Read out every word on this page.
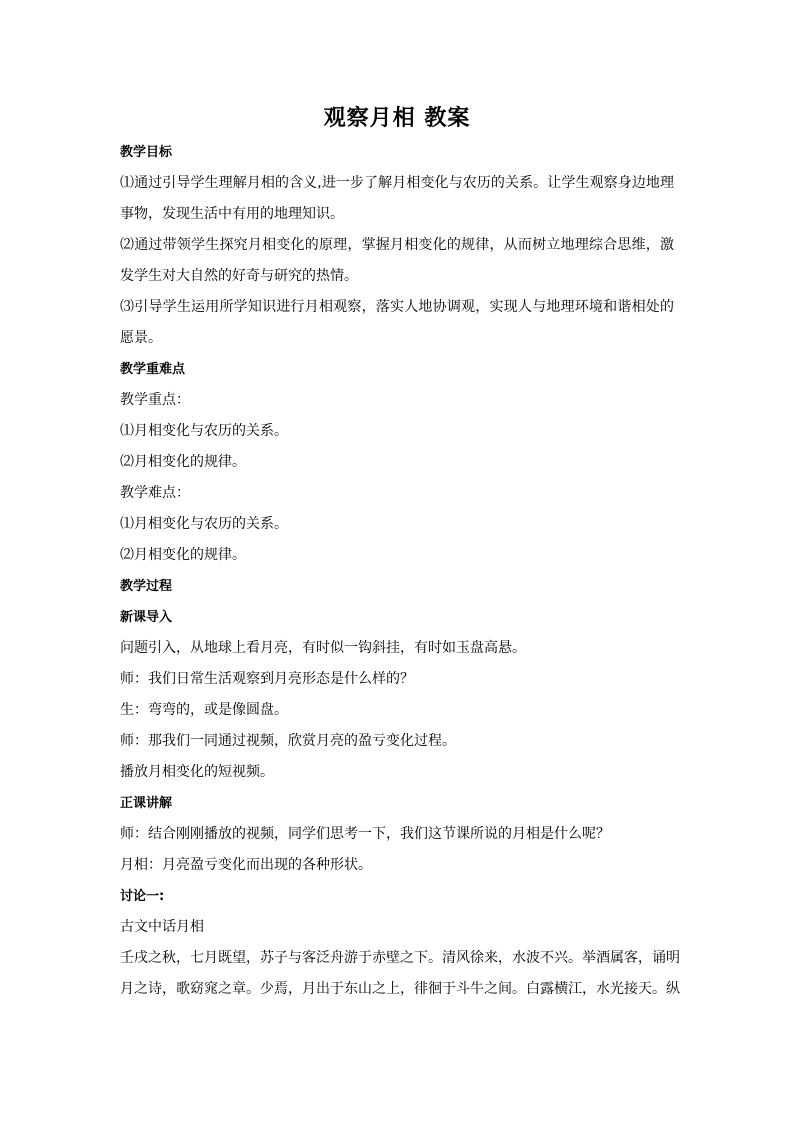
观察月相 教案
教学目标
⑴通过引导学生理解月相的含义,进一步了解月相变化与农历的关系。让学生观察身边地理
事物，发现生活中有用的地理知识。
⑵通过带领学生探究月相变化的原理，掌握月相变化的规律，从而树立地理综合思维，激
发学生对大自然的好奇与研究的热情。
⑶引导学生运用所学知识进行月相观察，落实人地协调观，实现人与地理环境和谐相处的
愿景。
教学重难点
教学重点：
⑴月相变化与农历的关系。
⑵月相变化的规律。
教学难点：
⑴月相变化与农历的关系。
⑵月相变化的规律。
教学过程
新课导入
问题引入，从地球上看月亮，有时似一钩斜挂，有时如玉盘高悬。
师：我们日常生活观察到月亮形态是什么样的？
生：弯弯的，或是像圆盘。
师：那我们一同通过视频，欣赏月亮的盈亏变化过程。
播放月相变化的短视频。
正课讲解
师：结合刚刚播放的视频，同学们思考一下，我们这节课所说的月相是什么呢？
月相：月亮盈亏变化而出现的各种形状。
讨论一:
古文中话月相
壬戌之秋，七月既望，苏子与客泛舟游于赤壁之下。清风徐来，水波不兴。举酒属客，诵明
月之诗，歌窈窕之章。少焉，月出于东山之上，徘徊于斗牛之间。白露横江，水光接天。纵
